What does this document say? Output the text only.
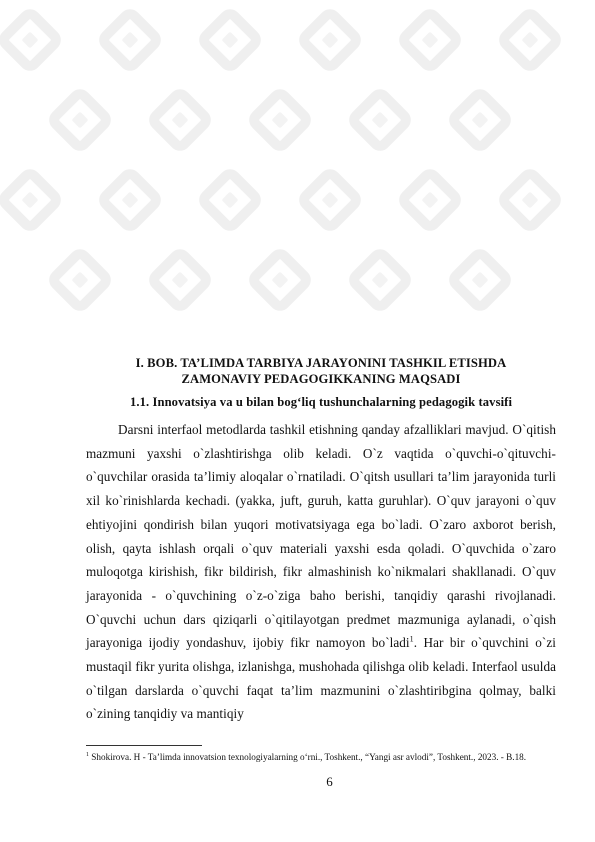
I. BOB. TA’LIMDA TARBIYA JARAYONINI TASHKIL ETISHDA
ZAMONAVIY PEDAGOGIKKANING MAQSADI
1.1. Innovatsiya va u bilan bog‘liq tushunchalarning pedagogik tavsifi

Darsni interfaol metodlarda tashkil etishning qanday afzalliklari mavjud. O`qitish mazmuni yaxshi o`zlashtirishga olib keladi. O`z vaqtida o`quvchi-o`qituvchi-o`quvchilar orasida ta’limiy aloqalar o`rnatiladi. O`qitsh usullari ta’lim jarayonida turli xil ko`rinishlarda kechadi. (yakka, juft, guruh, katta guruhlar). O`quv jarayoni o`quv ehtiyojini qondirish bilan yuqori motivatsiyaga ega bo`ladi. O`zaro axborot berish, olish, qayta ishlash orqali o`quv materiali yaxshi esda qoladi. O`quvchida o`zaro muloqotga kirishish, fikr bildirish, fikr almashinish ko`nikmalari shakllanadi. O`quv jarayonida - o`quvchining o`z-o`ziga baho berishi, tanqidiy qarashi rivojlanadi. O`quvchi uchun dars qiziqarli o`qitilayotgan predmet mazmuniga aylanadi, o`qish jarayoniga ijodiy yondashuv, ijobiy fikr namoyon bo`ladi$^1$. Har bir o`quvchini o`zi mustaqil fikr yurita olishga, izlanishga, mushohada qilishga olib keladi. Interfaol usulda o`tilgan darslarda o`quvchi faqat ta’lim mazmunini o`zlashtiribgina qolmay, balki o`zining tanqidiy va mantiqiy

$^1$ Shokirova. H - Ta’limda innovatsion texnologiyalarning o‘rni., Toshkent., “Yangi asr avlodi”, Toshkent., 2023. - B.18.

6
